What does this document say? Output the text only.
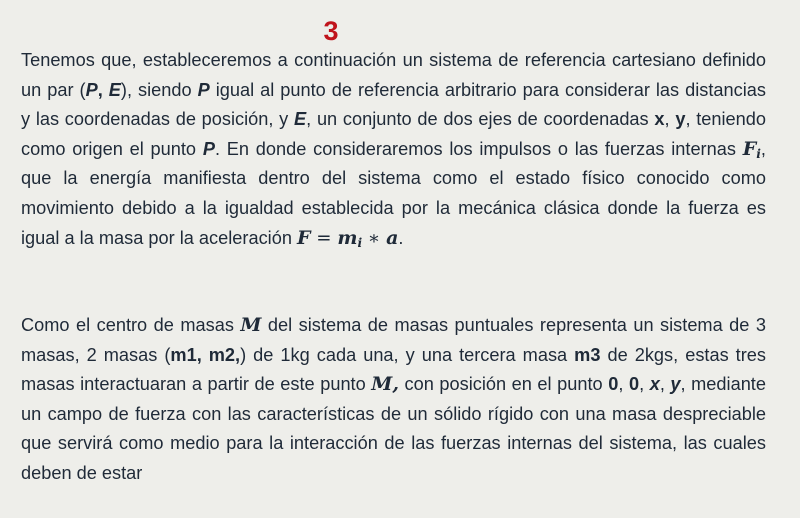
3

Tenemos que, estableceremos a continuación un sistema de referencia cartesiano definido un par (P, E), siendo P igual al punto de referencia arbitrario para considerar las distancias y las coordenadas de posición, y E, un conjunto de dos ejes de coordenadas x, y, teniendo como origen el punto P. En donde consideraremos los impulsos o las fuerzas internas $F_i$, que la energía manifiesta dentro del sistema como el estado físico conocido como movimiento debido a la igualdad establecida por la mecánica clásica donde la fuerza es igual a la masa por la aceleración $F = m_i$ ∗ a.

Como el centro de masas M del sistema de masas puntuales representa un sistema de 3 masas, 2 masas (m1, m2,) de 1kg cada una, y una tercera masa m3 de 2kgs, estas tres masas interactuaran a partir de este punto M, con posición en el punto 0, 0, x, y, mediante un campo de fuerza con las características de un sólido rígido con una masa despreciable que servirá como medio para la interacción de las fuerzas internas del sistema, las cuales deben de estar
